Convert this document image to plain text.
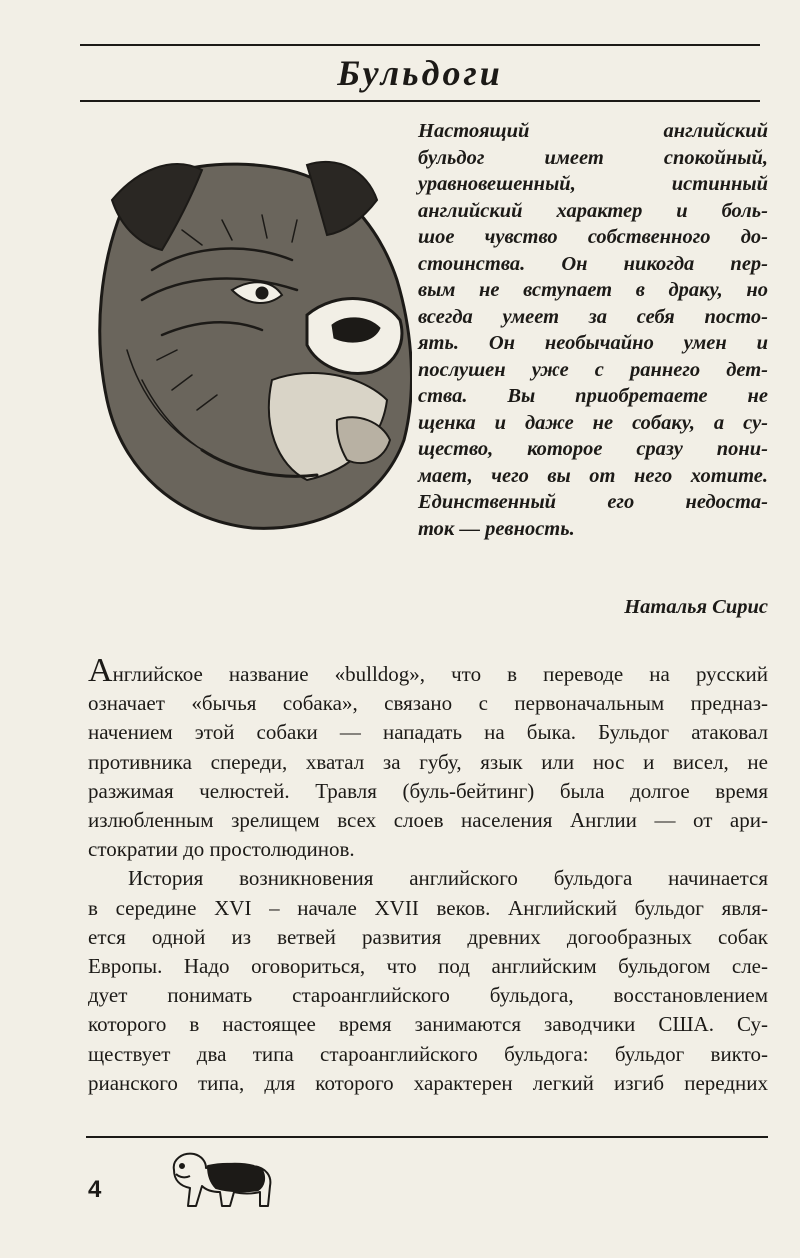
Бульдоги
Настоящий английский
бульдог имеет спокойный,
уравновешенный, истинный
английский характер и боль-
шое чувство собственного до-
стоинства. Он никогда пер-
вым не вступает в драку, но
всегда умеет за себя посто-
ять. Он необычайно умен и
послушен уже с раннего дет-
ства. Вы приобретаете не
щенка и даже не собаку, а су-
щество, которое сразу пони-
мает, чего вы от него хотите.
Единственный его недоста-
ток — ревность.
Наталья Сирис
Английское название «bulldog», что в переводе на русский
означает «бычья собака», связано с первоначальным предназ-
начением этой собаки — нападать на быка. Бульдог атаковал
противника спереди, хватал за губу, язык или нос и висел, не
разжимая челюстей. Травля (буль-бейтинг) была долгое время
излюбленным зрелищем всех слоев населения Англии — от ари-
стократии до простолюдинов.
История возникновения английского бульдога начинается
в середине XVI – начале XVII веков. Английский бульдог явля-
ется одной из ветвей развития древних догообразных собак
Европы. Надо оговориться, что под английским бульдогом сле-
дует понимать староанглийского бульдога, восстановлением
которого в настоящее время занимаются заводчики США. Су-
ществует два типа староанглийского бульдога: бульдог викто-
рианского типа, для которого характерен легкий изгиб передних
4
